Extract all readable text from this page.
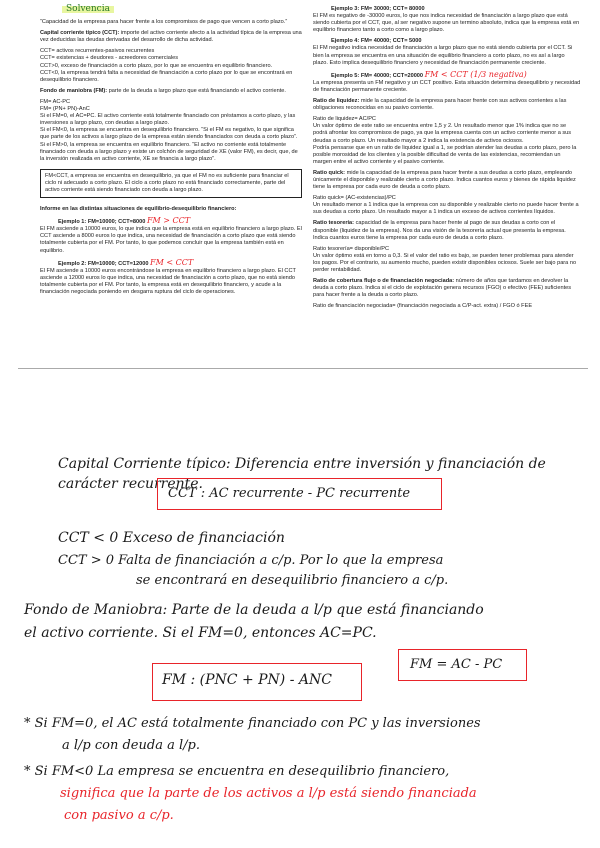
Solvencia

“Capacidad de la empresa para hacer frente a los compromisos de pago que vencen a corto plazo.”

Capital corriente típico (CCT): importe del activo corriente afecto a la actividad típica de la empresa una vez deducidas las deudas derivadas del desarrollo de dicha actividad.

CCT= activos recurrentes-pasivos recurrentes
CCT= existencias + deudores - acreedores comerciales
CCT>0, exceso de financiación a corto plazo, por lo que se encuentra en equilibrio financiero.
CCT<0, la empresa tendrá falta a necesidad de financiación a corto plazo por lo que se encontrará en desequilibrio financiero.

Fondo de maniobra (FM): parte de la deuda a largo plazo que está financiando el activo corriente.

FM= AC-PC
FM= (PN+ PN)-AnC
Si el FM=0, el AC=PC. El activo corriente está totalmente financiado con préstamos a corto plazo, y las inversiones a largo plazo, con deudas a largo plazo.
Si el FM<0, la empresa se encuentra en desequilibrio financiero. “Si el FM es negativo, lo que significa que parte de los activos a largo plazo de la empresa están siendo financiados con deuda a corto plazo”.
Si el FM>0, la empresa se encuentra en equilibrio financiero. “El activo no corriente está totalmente financiado con deuda a largo plazo y existe un colchón de seguridad de XE (valor FM), es decir, que, de la inversión realizada en activo corriente, XE se financia a largo plazo”.

FM<CCT, a empresa se encuentra en desequilibrio, ya que el FM no es suficiente para financiar el ciclo ni adecuado a corto plazo. El ciclo a corto plazo no está financiado correctamente, parte del activo corriente está siendo financiado con deuda a largo plazo.

Informe en las distintas situaciones de equilibrio-desequilibrio financiero:

Ejemplo 1: FM=10000; CCT=8000 FM > CCT
El FM asciende a 10000 euros, lo que indica que la empresa está en equilibrio financiero a largo plazo. El CCT asciende a 8000 euros lo que indica, una necesidad de financiación a corto plazo que está siendo totalmente cubierta por el FM. Por tanto, lo que podemos concluir que la empresa también está en equilibrio.

Ejemplo 2: FM=10000; CCT=12000 FM < CCT
El FM asciende a 10000 euros encontrándose la empresa en equilibrio financiero a largo plazo. El CCT asciende a 12000 euros lo que indica, una necesidad de financiación a corto plazo, que no está siendo totalmente cubierta por el FM. Por tanto, la empresa está en desequilibrio financiero, y acude a la financiación negociada poniendo en desgarra ruptura del ciclo de operaciones.

Ejemplo 3: FM= 30000; CCT= 80000
El FM es negativo de -30000 euros, lo que nos indica necesidad de financiación a largo plazo que está siendo cubierta por el CCT, que, al ser negativo supone un termino absoluto, indica que la empresa está en equilibrio financiero tanto a corto como a largo plazo.

Ejemplo 4: FM= 40000; CCT= 5000
El FM negativo indica necesidad de financiación a largo plazo que no está siendo cubierta por el CCT. Si bien la empresa se encuentra en una situación de equilibrio financiero a corto plazo, no es así a largo plazo. Esto implica desequilibrio financiero y necesidad de financiación permanente creciente.

Ejemplo 5: FM= 40000; CCT=20000 FM < CCT (1/3 negativa)
La empresa presenta un FM negativo y un CCT positivo. Esta situación determina desequilibrio y necesidad de financiación permanente creciente.

Ratio de liquidez: mide la capacidad de la empresa para hacer frente con sus activos corrientes a las obligaciones reconocidas en su pasivo corriente.

Ratio de liquidez= AC/PC
Un valor óptimo de este ratio se encuentra entre 1,5 y 2. Un resultado menor que 1% indica que no se podrá afrontar los compromisos de pago, ya que la empresa cuenta con un activo corriente menor a sus deudas a corto plazo. Un resultado mayor a 2 indica la existencia de activos ociosos.
Podría pensarse que en un ratio de liquidez igual a 1, se podrían atender las deudas a corto plazo, pero la posible morosidad de los clientes y la posible dificultad de venta de las existencias, recomiendan un margen entre el activo corriente y el pasivo corriente.

Ratio quick: mide la capacidad de la empresa para hacer frente a sus deudas a corto plazo, empleando únicamente el disponible y realizable cierto a corto plazo. Indica cuantos euros y bienes de rápida liquidez tiene la empresa por cada euro de deuda a corto plazo.

Ratio quick= (AC-existencias)/PC
Un resultado menor a 1 indica que la empresa con su disponible y realizable cierto no puede hacer frente a sus deudas a corto plazo. Un resultado mayor a 1 indica un exceso de activos corrientes líquidos.

Ratio tesorería: capacidad de la empresa para hacer frente al pago de sus deudas a corto con el disponible (liquidez de la empresa). Nos da una visión de la tesorería actual que presenta la empresa. Indica cuantos euros tiene la empresa por cada euro de deuda a corto plazo.

Ratio tesorería= disponible/PC
Un valor óptimo está en torno a 0,3. Si el valor del ratio es bajo, se pueden tener problemas para atender los pagos. Por el contrario, su aumento mucho, pueden existir disponibles ociosos. Suele ser bajo para no perder rentabilidad.

Ratio de cobertura flujo o de financiación negociada: número de años que tardamos en devolver la deuda a corto plazo. Indica si el ciclo de explotación genera recursos (FGO) o efectivo (FEE) suficientes para hacer frente a la deuda a corto plazo.

Ratio de financiación negociada= (financiación negociada a C/P-act. extra) / FGO ó FEE

Capital Corriente típico: Diferencia entre inversión y financiación de
carácter recurrente.
CCT : AC recurrente - PC recurrente
CCT < 0 Exceso de financiación
CCT > 0 Falta de financiación a c/p. Por lo que la empresa
se encontrará en desequilibrio financiero a c/p.
Fondo de Maniobra: Parte de la deuda a l/p que está financiando
el activo corriente. Si el FM=0, entonces AC=PC.
FM : (PNC + PN) - ANC
FM = AC - PC
* Si FM=0, el AC está totalmente financiado con PC y las inversiones
a l/p con deuda a l/p.
* Si FM<0 La empresa se encuentra en desequilibrio financiero,
significa que la parte de los activos a l/p está siendo financiada
con pasivo a c/p.
